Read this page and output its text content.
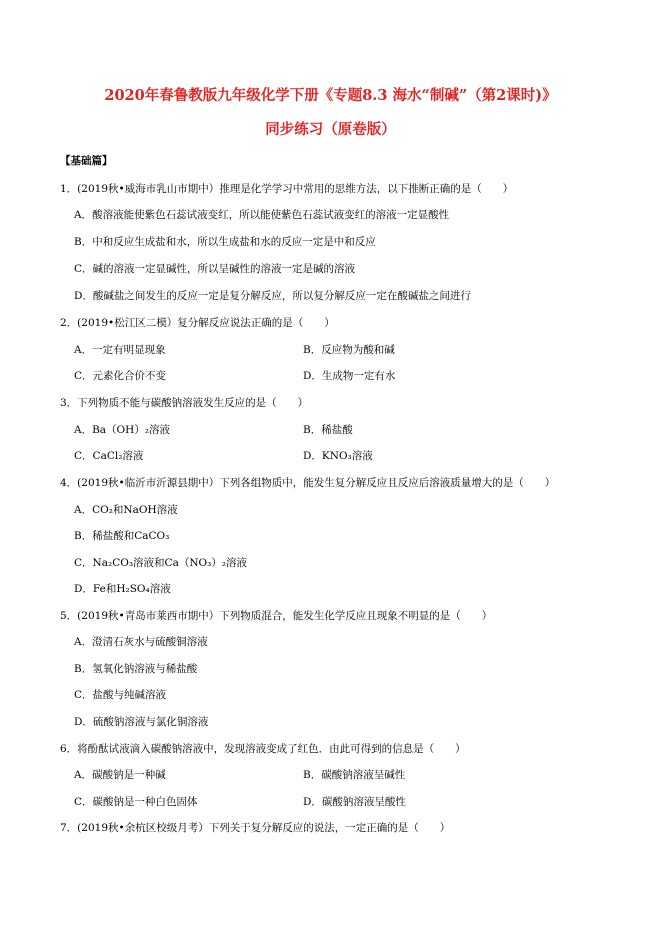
2020年春鲁教版九年级化学下册《专题8.3 海水“制碱”（第2课时)》
同步练习（原卷版）
【基础篇】
1．(2019秋•威海市乳山市期中）推理是化学学习中常用的思维方法，以下推断正确的是（　　）
A．酸溶液能使紫色石蕊试液变红，所以能使紫色石蕊试液变红的溶液一定显酸性
B．中和反应生成盐和水，所以生成盐和水的反应一定是中和反应
C．碱的溶液一定显碱性，所以呈碱性的溶液一定是碱的溶液
D．酸碱盐之间发生的反应一定是复分解反应，所以复分解反应一定在酸碱盐之间进行
2．(2019•松江区二模）复分解反应说法正确的是（　　）
A．一定有明显现象	B．反应物为酸和碱
C．元素化合价不变	D．生成物一定有水
3．下列物质不能与碳酸钠溶液发生反应的是（　　）
A．Ba（OH）₂溶液	B．稀盐酸
C．CaCl₂溶液	D．KNO₃溶液
4．(2019秋•临沂市沂源县期中）下列各组物质中，能发生复分解反应且反应后溶液质量增大的是（　　）
A．CO₂和NaOH溶液
B．稀盐酸和CaCO₃
C．Na₂CO₃溶液和Ca（NO₃）₂溶液
D．Fe和H₂SO₄溶液
5．(2019秋•青岛市莱西市期中）下列物质混合，能发生化学反应且现象不明显的是（　　）
A．澄清石灰水与硫酸铜溶液
B．氢氧化钠溶液与稀盐酸
C．盐酸与纯碱溶液
D．硫酸钠溶液与氯化铜溶液
6．将酚酞试液滴入碳酸钠溶液中，发现溶液变成了红色．由此可得到的信息是（　　）
A．碳酸钠是一种碱	B．碳酸钠溶液呈碱性
C．碳酸钠是一种白色固体	D．碳酸钠溶液呈酸性
7．(2019秋•余杭区校级月考）下列关于复分解反应的说法，一定正确的是（　　）
